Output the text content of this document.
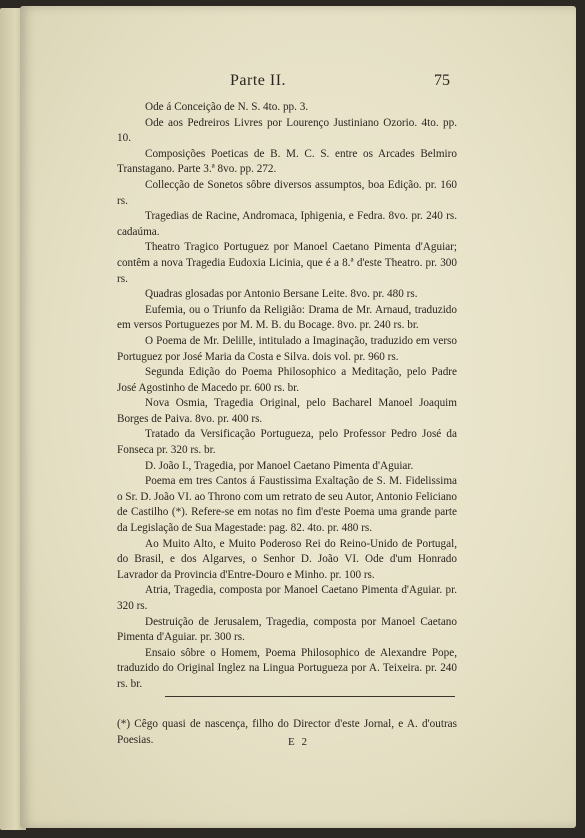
Parte II.	75

Ode á Conceição de N. S. 4to. pp. 3.

Ode aos Pedreiros Livres por Lourenço Justiniano Ozorio. 4to. pp. 10.

Composições Poeticas de B. M. C. S. entre os Arcades Belmiro Transtagano. Parte 3.ª 8vo. pp. 272.

Collecção de Sonetos sôbre diversos assumptos, boa Edição. pr. 160 rs.

Tragedias de Racine, Andromaca, Iphigenia, e Fedra. 8vo. pr. 240 rs. cadaúma.

Theatro Tragico Portuguez por Manoel Caetano Pimenta d'Aguiar; contêm a nova Tragedia Eudoxia Licinia, que é a 8.ª d'este Theatro. pr. 300 rs.

Quadras glosadas por Antonio Bersane Leite. 8vo. pr. 480 rs.

Eufemia, ou o Triunfo da Religião: Drama de Mr. Arnaud, traduzido em versos Portuguezes por M. M. B. du Bocage. 8vo. pr. 240 rs. br.

O Poema de Mr. Delille, intitulado a Imaginação, traduzido em verso Portuguez por José Maria da Costa e Silva. dois vol. pr. 960 rs.

Segunda Edição do Poema Philosophico a Meditação, pelo Padre José Agostinho de Macedo pr. 600 rs. br.

Nova Osmia, Tragedia Original, pelo Bacharel Manoel Joaquim Borges de Paiva. 8vo. pr. 400 rs.

Tratado da Versificação Portugueza, pelo Professor Pedro José da Fonseca pr. 320 rs. br.

D. João I., Tragedia, por Manoel Caetano Pimenta d'Aguiar.

Poema em tres Cantos á Faustissima Exaltação de S. M. Fidelissima o Sr. D. João VI. ao Throno com um retrato de seu Autor, Antonio Feliciano de Castilho (*). Refere-se em notas no fim d'este Poema uma grande parte da Legislação de Sua Magestade: pag. 82. 4to. pr. 480 rs.

Ao Muito Alto, e Muito Poderoso Rei do Reino-Unido de Portugal, do Brasil, e dos Algarves, o Senhor D. João VI. Ode d'um Honrado Lavrador da Provincia d'Entre-Douro e Minho. pr. 100 rs.

Atria, Tragedia, composta por Manoel Caetano Pimenta d'Aguiar. pr. 320 rs.

Destruição de Jerusalem, Tragedia, composta por Manoel Caetano Pimenta d'Aguiar. pr. 300 rs.

Ensaio sôbre o Homem, Poema Philosophico de Alexandre Pope, traduzido do Original Inglez na Lingua Portugueza por A. Teixeira. pr. 240 rs. br.

(*) Cêgo quasi de nascença, filho do Director d'este Jornal, e A. d'outras Poesias.	E 2
